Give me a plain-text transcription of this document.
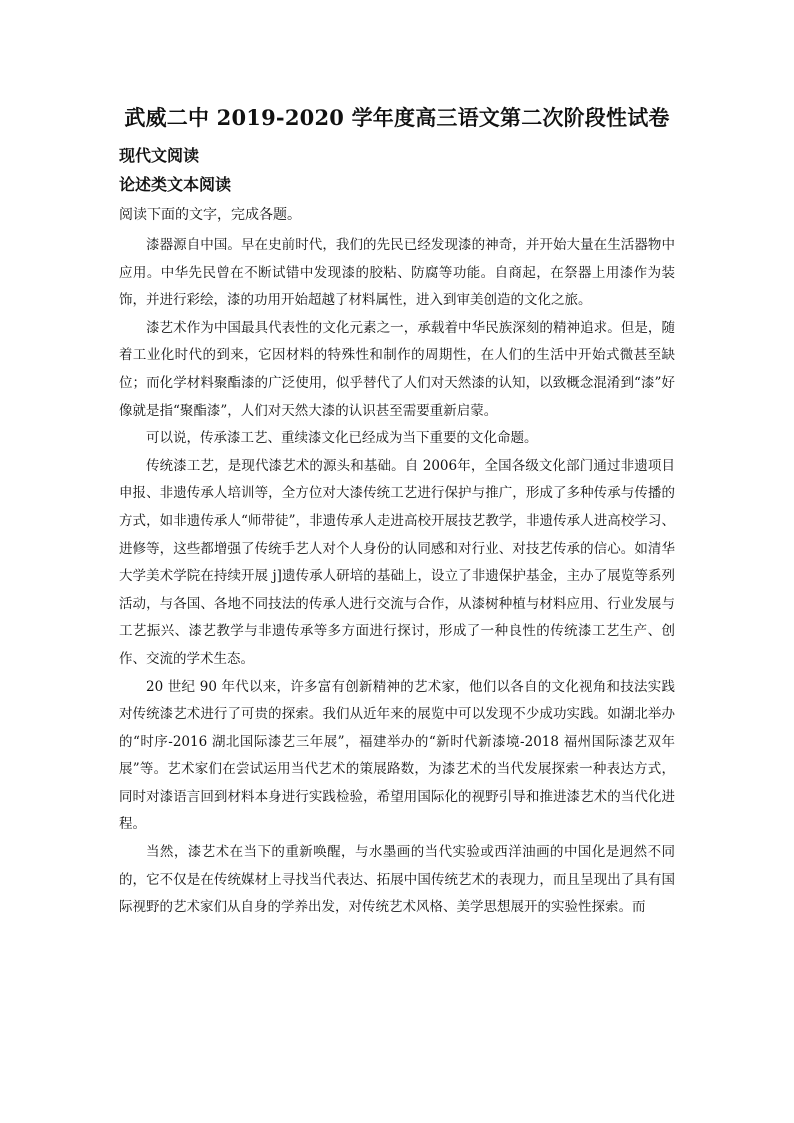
武威二中 2019-2020 学年度高三语文第二次阶段性试卷
现代文阅读
论述类文本阅读

阅读下面的文字，完成各题。

漆器源自中国。早在史前时代，我们的先民已经发现漆的神奇，并开始大量在生活器物中应用。中华先民曾在不断试错中发现漆的胶粘、防腐等功能。自商起，在祭器上用漆作为装饰，并进行彩绘，漆的功用开始超越了材料属性，进入到审美创造的文化之旅。

漆艺术作为中国最具代表性的文化元素之一，承载着中华民族深刻的精神追求。但是，随着工业化时代的到来，它因材料的特殊性和制作的周期性，在人们的生活中开始式微甚至缺位；而化学材料聚酯漆的广泛使用，似乎替代了人们对天然漆的认知，以致概念混淆到“漆”好像就是指“聚酯漆”，人们对天然大漆的认识甚至需要重新启蒙。

可以说，传承漆工艺、重续漆文化已经成为当下重要的文化命题。

传统漆工艺，是现代漆艺术的源头和基础。自 2006年，全国各级文化部门通过非遗项目申报、非遗传承人培训等，全方位对大漆传统工艺进行保护与推广，形成了多种传承与传播的方式，如非遗传承人“师带徒”，非遗传承人走进高校开展技艺教学，非遗传承人进高校学习、进修等，这些都增强了传统手艺人对个人身份的认同感和对行业、对技艺传承的信心。如清华大学美术学院在持续开展 j]遗传承人研培的基础上，设立了非遗保护基金，主办了展览等系列活动，与各国、各地不同技法的传承人进行交流与合作，从漆树种植与材料应用、行业发展与工艺振兴、漆艺教学与非遗传承等多方面进行探讨，形成了一种良性的传统漆工艺生产、创作、交流的学术生态。

20 世纪 90 年代以来，许多富有创新精神的艺术家，他们以各自的文化视角和技法实践对传统漆艺术进行了可贵的探索。我们从近年来的展览中可以发现不少成功实践。如湖北举办的“时序-2016 湖北国际漆艺三年展”，福建举办的“新时代新漆境-2018 福州国际漆艺双年展”等。艺术家们在尝试运用当代艺术的策展路数，为漆艺术的当代发展探索一种表达方式，同时对漆语言回到材料本身进行实践检验，希望用国际化的视野引导和推进漆艺术的当代化进程。

当然，漆艺术在当下的重新唤醒，与水墨画的当代实验或西洋油画的中国化是迥然不同的，它不仅是在传统媒材上寻找当代表达、拓展中国传统艺术的表现力，而且呈现出了具有国际视野的艺术家们从自身的学养出发，对传统艺术风格、美学思想展开的实验性探索。而
